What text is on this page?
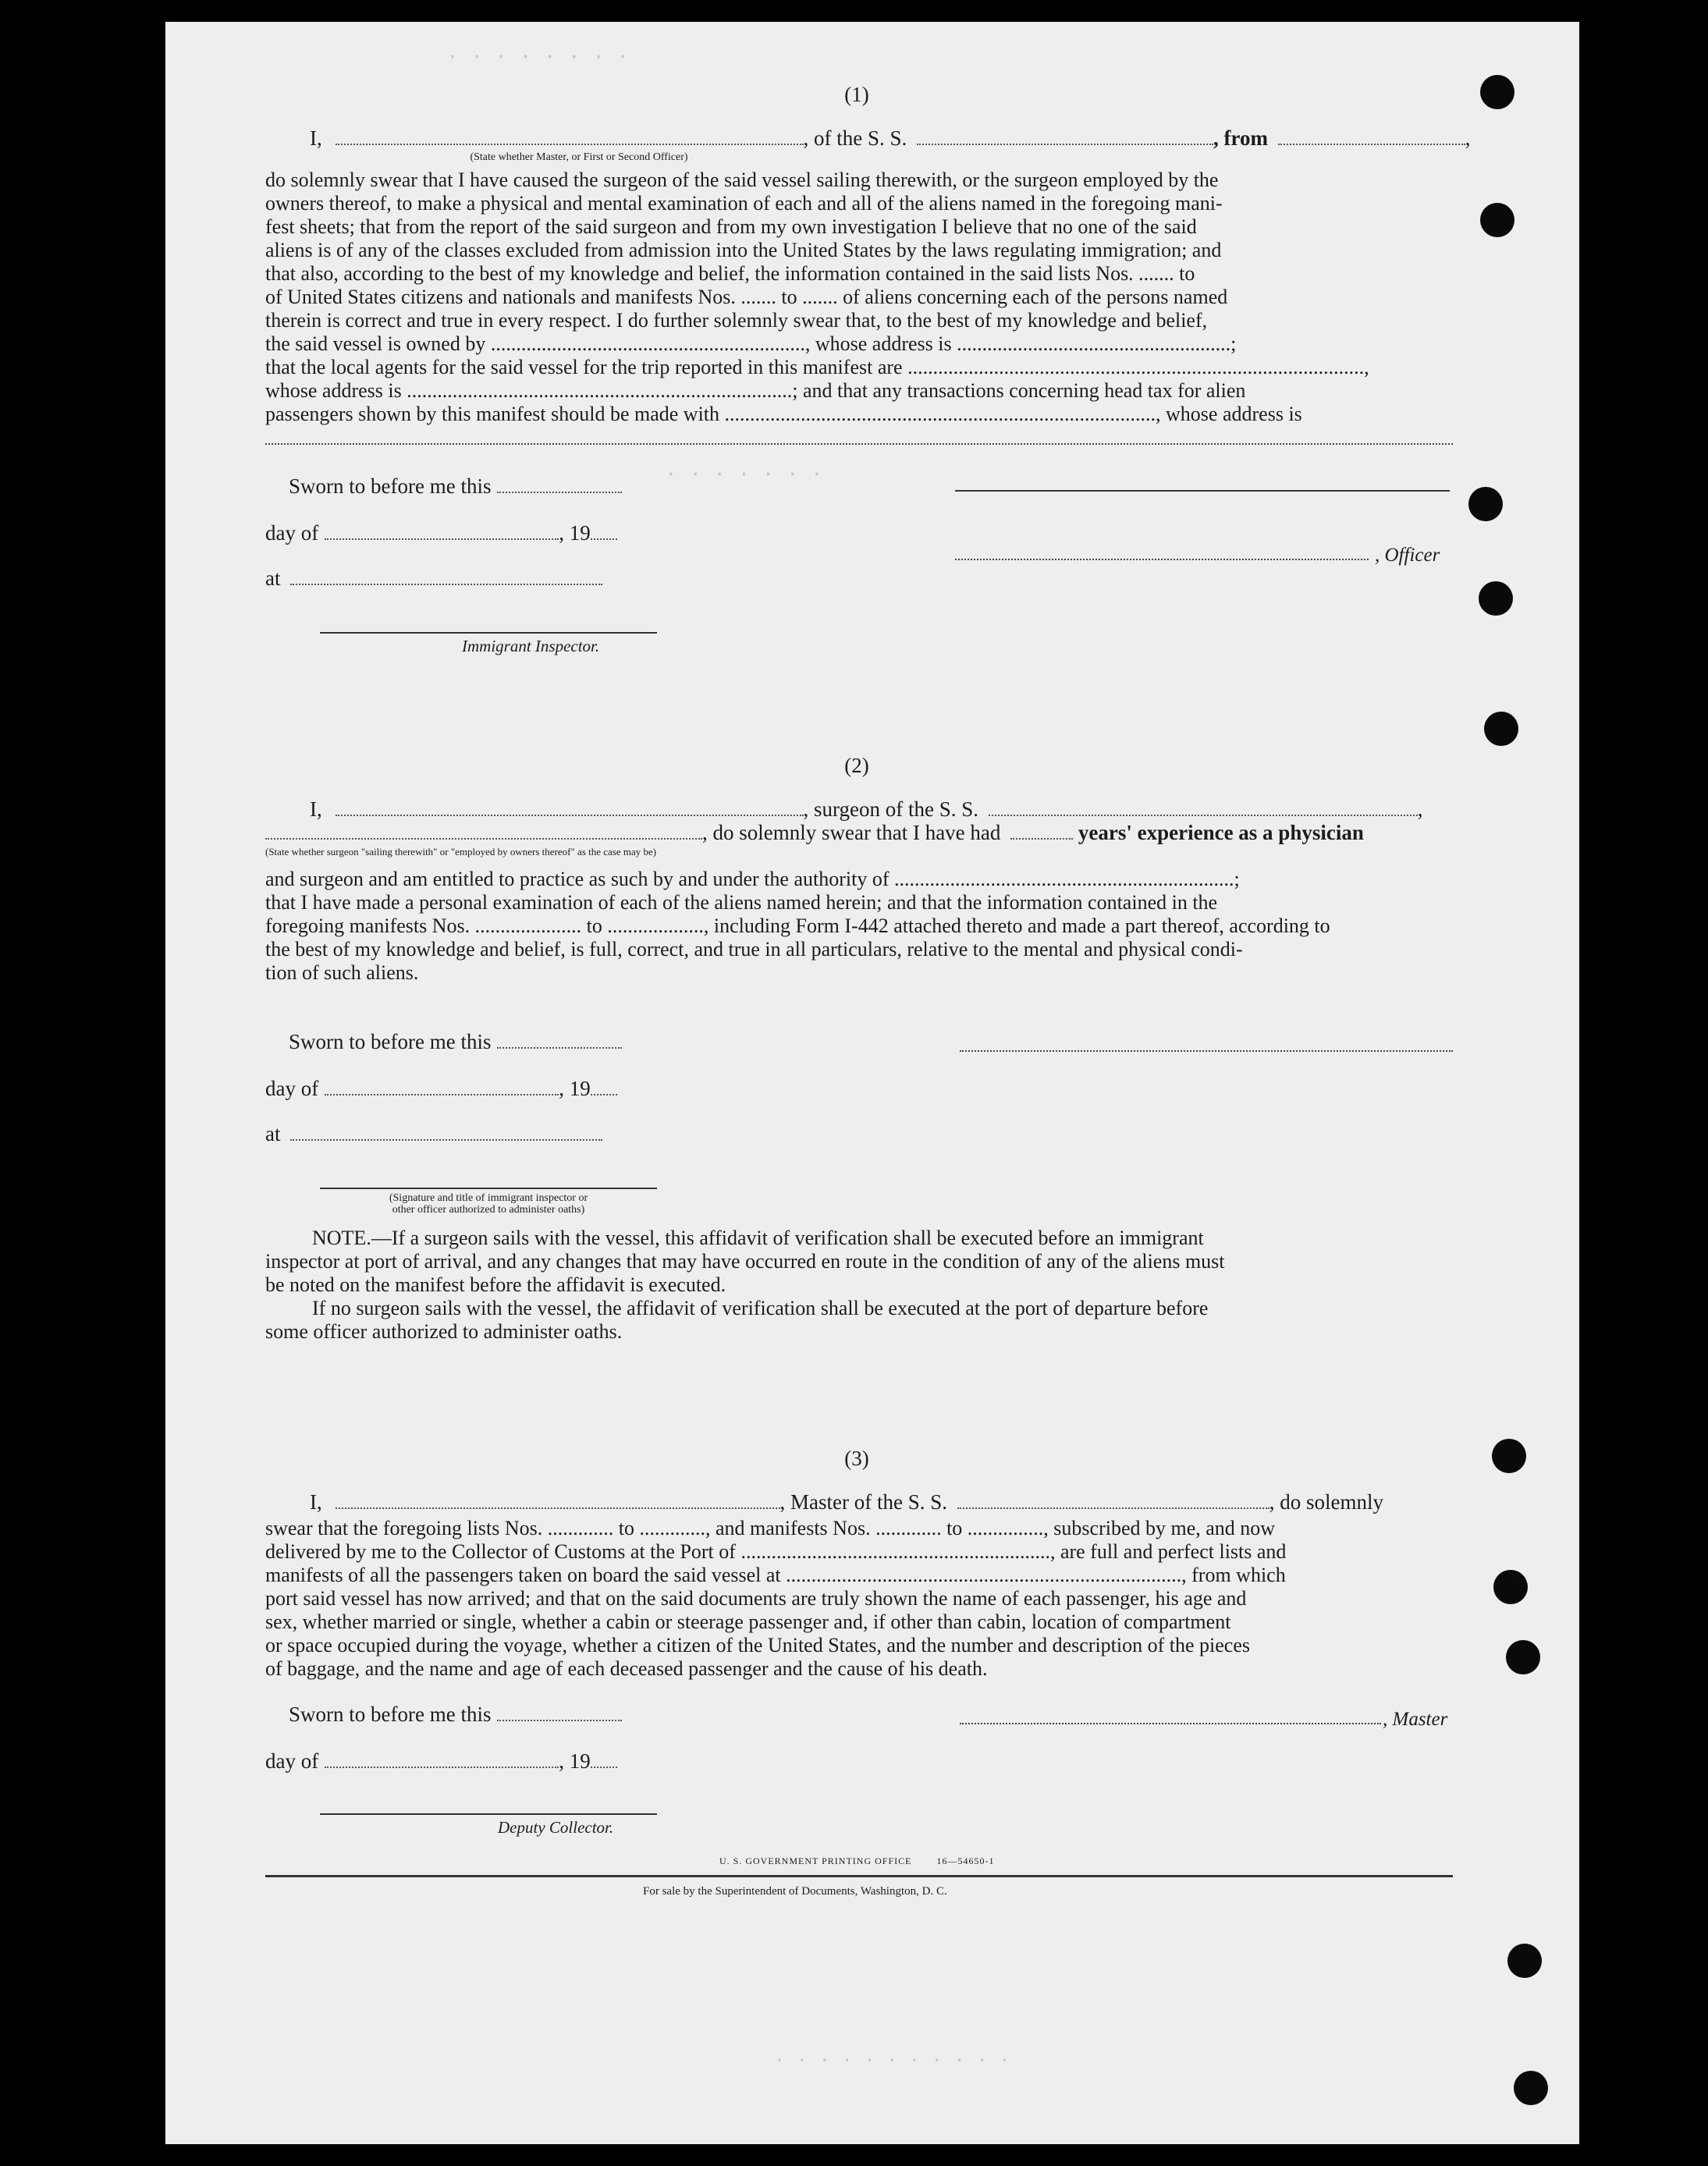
· · · · · · · ·
· · · · · · ·
(1)
I,	, of the S. S.	, from	,
(State whether Master, or First or Second Officer)

do solemnly swear that I have caused the surgeon of the said vessel sailing therewith, or the surgeon employed by the

owners thereof, to make a physical and mental examination of each and all of the aliens named in the foregoing mani-

fest sheets; that from the report of the said surgeon and from my own investigation I believe that no one of the said

aliens is of any of the classes excluded from admission into the United States by the laws regulating immigration; and

that also, according to the best of my knowledge and belief, the information contained in the said lists Nos. ....... to

of United States citizens and nationals and manifests Nos. ....... to ....... of aliens concerning each of the persons named

therein is correct and true in every respect. I do further solemnly swear that, to the best of my knowledge and belief,

the said vessel is owned by .............................................................., whose address is ......................................................;

that the local agents for the said vessel for the trip reported in this manifest are ..........................................................................................,

whose address is ............................................................................; and that any transactions concerning head tax for alien

passengers shown by this manifest should be made with ....................................................................................., whose address is

Sworn to before me this
day of	, 19
at
Immigrant Inspector.
, Officer
(2)
I,	, surgeon of the S. S.	,
, do solemnly swear that I have had	years' experience as a physician
(State whether surgeon "sailing therewith" or "employed by owners thereof" as the case may be)

and surgeon and am entitled to practice as such by and under the authority of ...................................................................;

that I have made a personal examination of each of the aliens named herein; and that the information contained in the

foregoing manifests Nos. ..................... to ..................., including Form I-442 attached thereto and made a part thereof, according to

the best of my knowledge and belief, is full, correct, and true in all particulars, relative to the mental and physical condi-

tion of such aliens.

Sworn to before me this
day of	, 19
at
(Signature and title of immigrant inspector or
other officer authorized to administer oaths)

NOTE.—If a surgeon sails with the vessel, this affidavit of verification shall be executed before an immigrant

inspector at port of arrival, and any changes that may have occurred en route in the condition of any of the aliens must

be noted on the manifest before the affidavit is executed.

If no surgeon sails with the vessel, the affidavit of verification shall be executed at the port of departure before

some officer authorized to administer oaths.

(3)
I,	, Master of the S. S.	, do solemnly

swear that the foregoing lists Nos. ............. to ............., and manifests Nos. ............. to ..............., subscribed by me, and now

delivered by me to the Collector of Customs at the Port of ............................................................., are full and perfect lists and

manifests of all the passengers taken on board the said vessel at .............................................................................., from which

port said vessel has now arrived; and that on the said documents are truly shown the name of each passenger, his age and

sex, whether married or single, whether a cabin or steerage passenger and, if other than cabin, location of compartment

or space occupied during the voyage, whether a citizen of the United States, and the number and description of the pieces

of baggage, and the name and age of each deceased passenger and the cause of his death.

Sworn to before me this
day of	, 19
, Master
Deputy Collector.
U. S. GOVERNMENT PRINTING OFFICE        16—54650-1
For sale by the Superintendent of Documents, Washington, D. C.
· · · · · · · · · · ·
